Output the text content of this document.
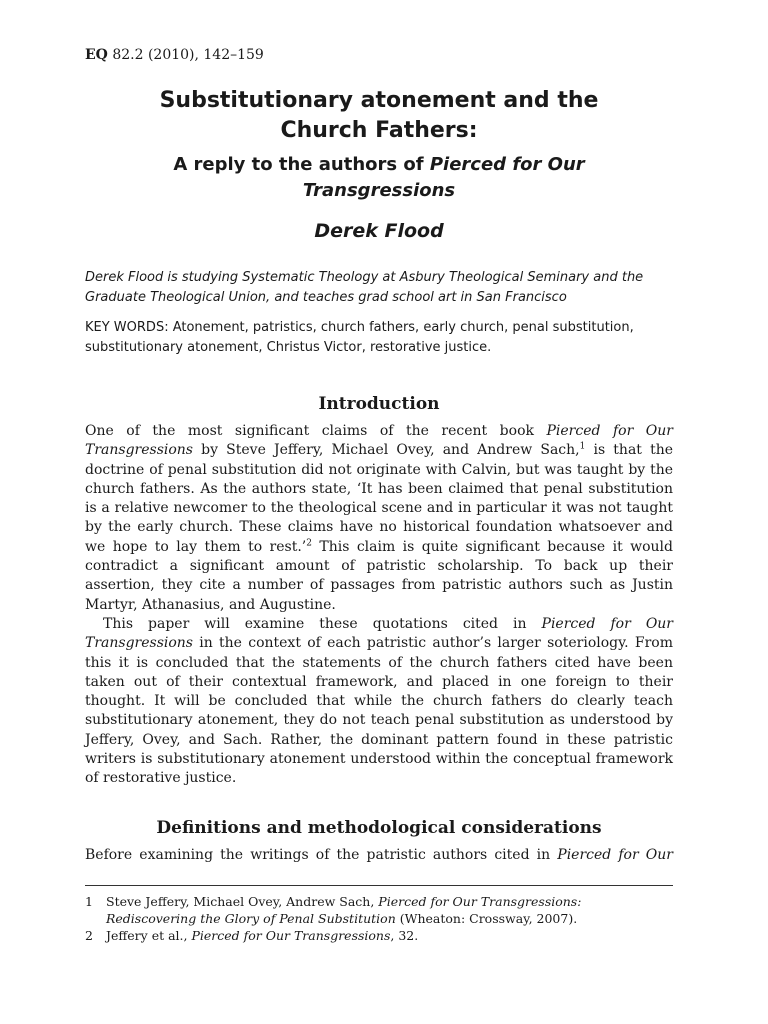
EQ 82.2 (2010), 142–159

Substitutionary atonement and the
Church Fathers:

A reply to the authors of Pierced for Our
Transgressions

Derek Flood

Derek Flood is studying Systematic Theology at Asbury Theological Seminary and the
Graduate Theological Union, and teaches grad school art in San Francisco

KEY WORDS: Atonement, patristics, church fathers, early church, penal substitution,
substitutionary atonement, Christus Victor, restorative justice.

Introduction

One of the most significant claims of the recent book Pierced for Our Transgressions by Steve Jeffery, Michael Ovey, and Andrew Sach,$^1$ is that the doctrine of penal substitution did not originate with Calvin, but was taught by the church fathers. As the authors state, ‘It has been claimed that penal substitution is a relative newcomer to the theological scene and in particular it was not taught by the early church. These claims have no historical foundation whatsoever and we hope to lay them to rest.’$^2$ This claim is quite significant because it would contradict a significant amount of patristic scholarship. To back up their assertion, they cite a number of passages from patristic authors such as Justin Martyr, Athanasius, and Augustine.

This paper will examine these quotations cited in Pierced for Our Transgressions in the context of each patristic author’s larger soteriology. From this it is concluded that the statements of the church fathers cited have been taken out of their contextual framework, and placed in one foreign to their thought. It will be concluded that while the church fathers do clearly teach substitutionary atonement, they do not teach penal substitution as understood by Jeffery, Ovey, and Sach. Rather, the dominant pattern found in these patristic writers is substitutionary atonement understood within the conceptual framework of restorative justice.

Definitions and methodological considerations

Before examining the writings of the patristic authors cited in Pierced for Our

1 Steve Jeffery, Michael Ovey, Andrew Sach, Pierced for Our Transgressions: Rediscovering the Glory of Penal Substitution (Wheaton: Crossway, 2007).

2 Jeffery et al., Pierced for Our Transgressions, 32.
